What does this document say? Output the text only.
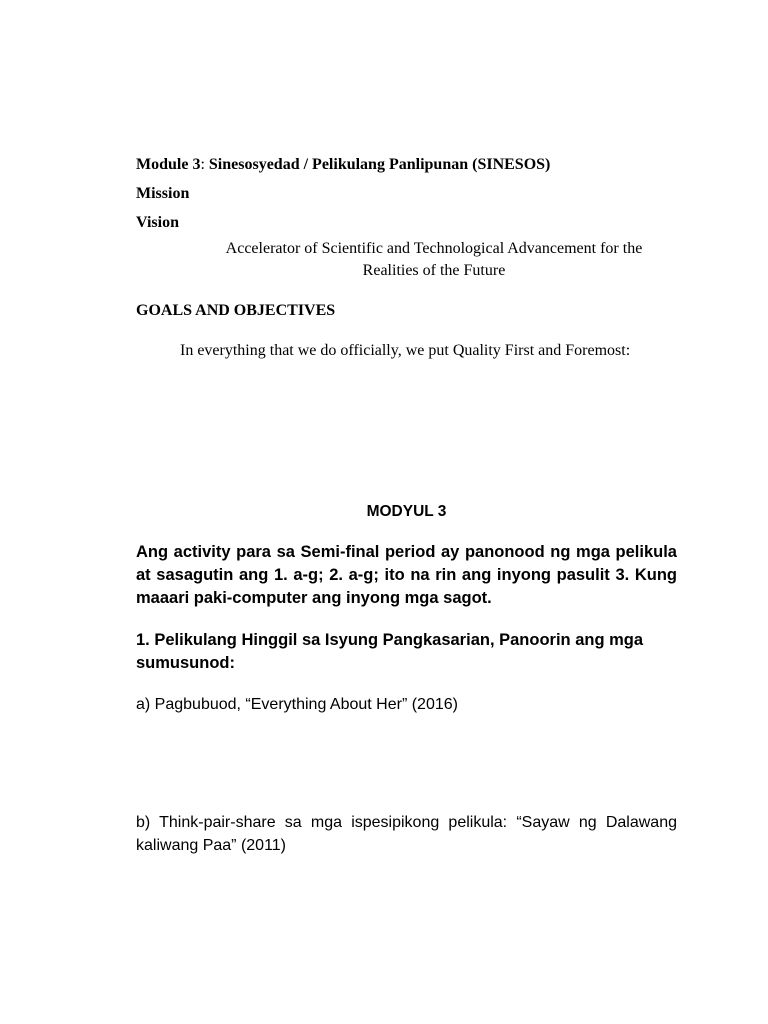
Module 3: Sinesosyedad / Pelikulang Panlipunan (SINESOS)
Mission
Vision
Accelerator of Scientific and Technological Advancement for the
Realities of the Future
GOALS AND OBJECTIVES
In everything that we do officially, we put Quality First and Foremost:
MODYUL 3
Ang activity para sa Semi-final period ay panonood ng mga pelikula at sasagutin ang 1. a-g; 2. a-g; ito na rin ang inyong pasulit 3. Kung maaari paki-computer ang inyong mga sagot.
1. Pelikulang Hinggil sa Isyung Pangkasarian, Panoorin ang mga sumusunod:
a) Pagbubuod, “Everything About Her” (2016)
b) Think-pair-share sa mga ispesipikong pelikula: “Sayaw ng Dalawang kaliwang Paa” (2011)
